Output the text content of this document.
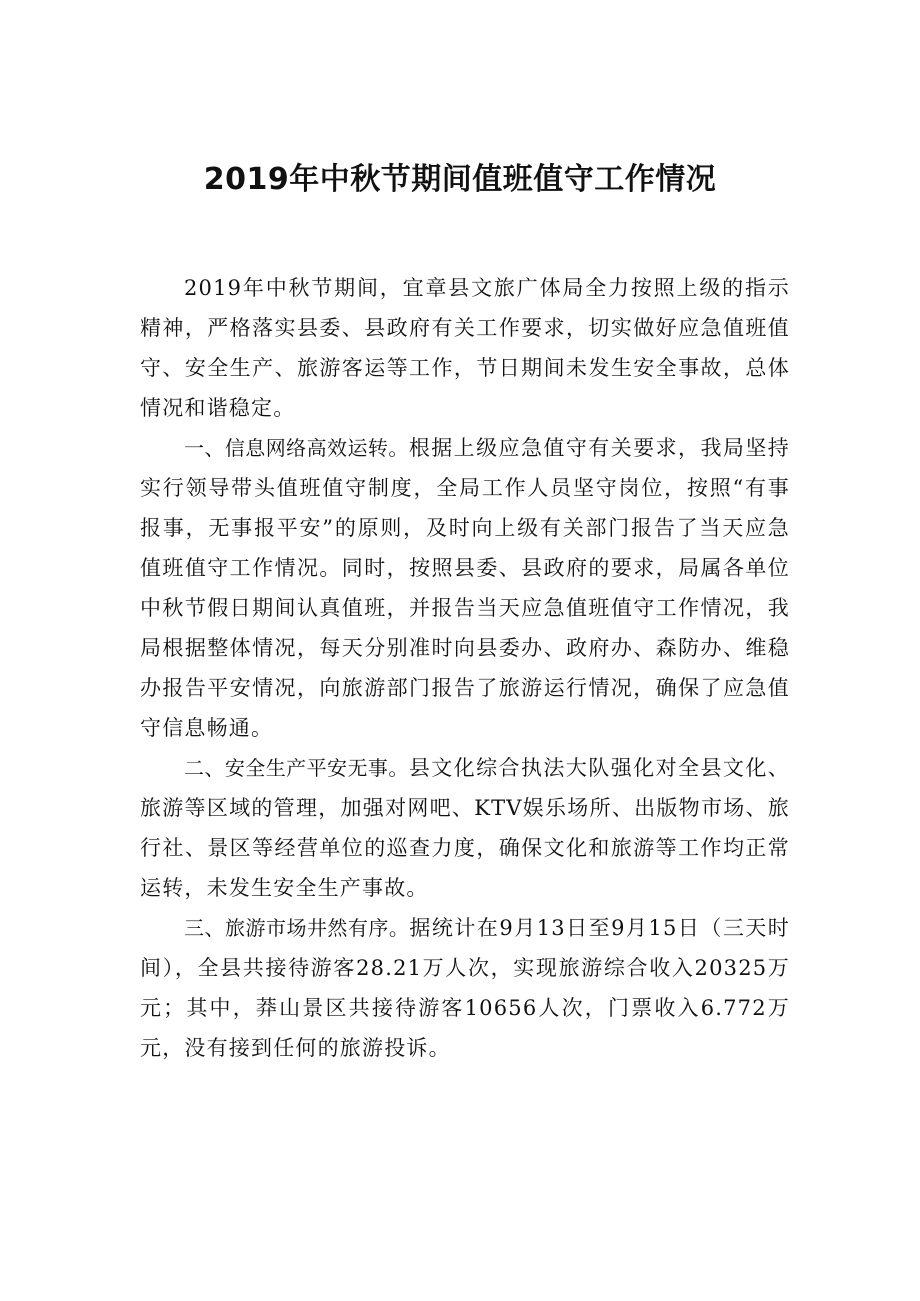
2019年中秋节期间值班值守工作情况

2019年中秋节期间，宜章县文旅广体局全力按照上级的指示精神，严格落实县委、县政府有关工作要求，切实做好应急值班值守、安全生产、旅游客运等工作，节日期间未发生安全事故，总体情况和谐稳定。

一、信息网络高效运转。根据上级应急值守有关要求，我局坚持实行领导带头值班值守制度，全局工作人员坚守岗位，按照“有事报事，无事报平安”的原则，及时向上级有关部门报告了当天应急值班值守工作情况。同时，按照县委、县政府的要求，局属各单位中秋节假日期间认真值班，并报告当天应急值班值守工作情况，我局根据整体情况，每天分别准时向县委办、政府办、森防办、维稳办报告平安情况，向旅游部门报告了旅游运行情况，确保了应急值守信息畅通。

二、安全生产平安无事。县文化综合执法大队强化对全县文化、旅游等区域的管理，加强对网吧、KTV娱乐场所、出版物市场、旅行社、景区等经营单位的巡查力度，确保文化和旅游等工作均正常运转，未发生安全生产事故。

三、旅游市场井然有序。据统计在9月13日至9月15日（三天时间），全县共接待游客28.21万人次，实现旅游综合收入20325万元；其中，莽山景区共接待游客10656人次，门票收入6.772万元，没有接到任何的旅游投诉。
